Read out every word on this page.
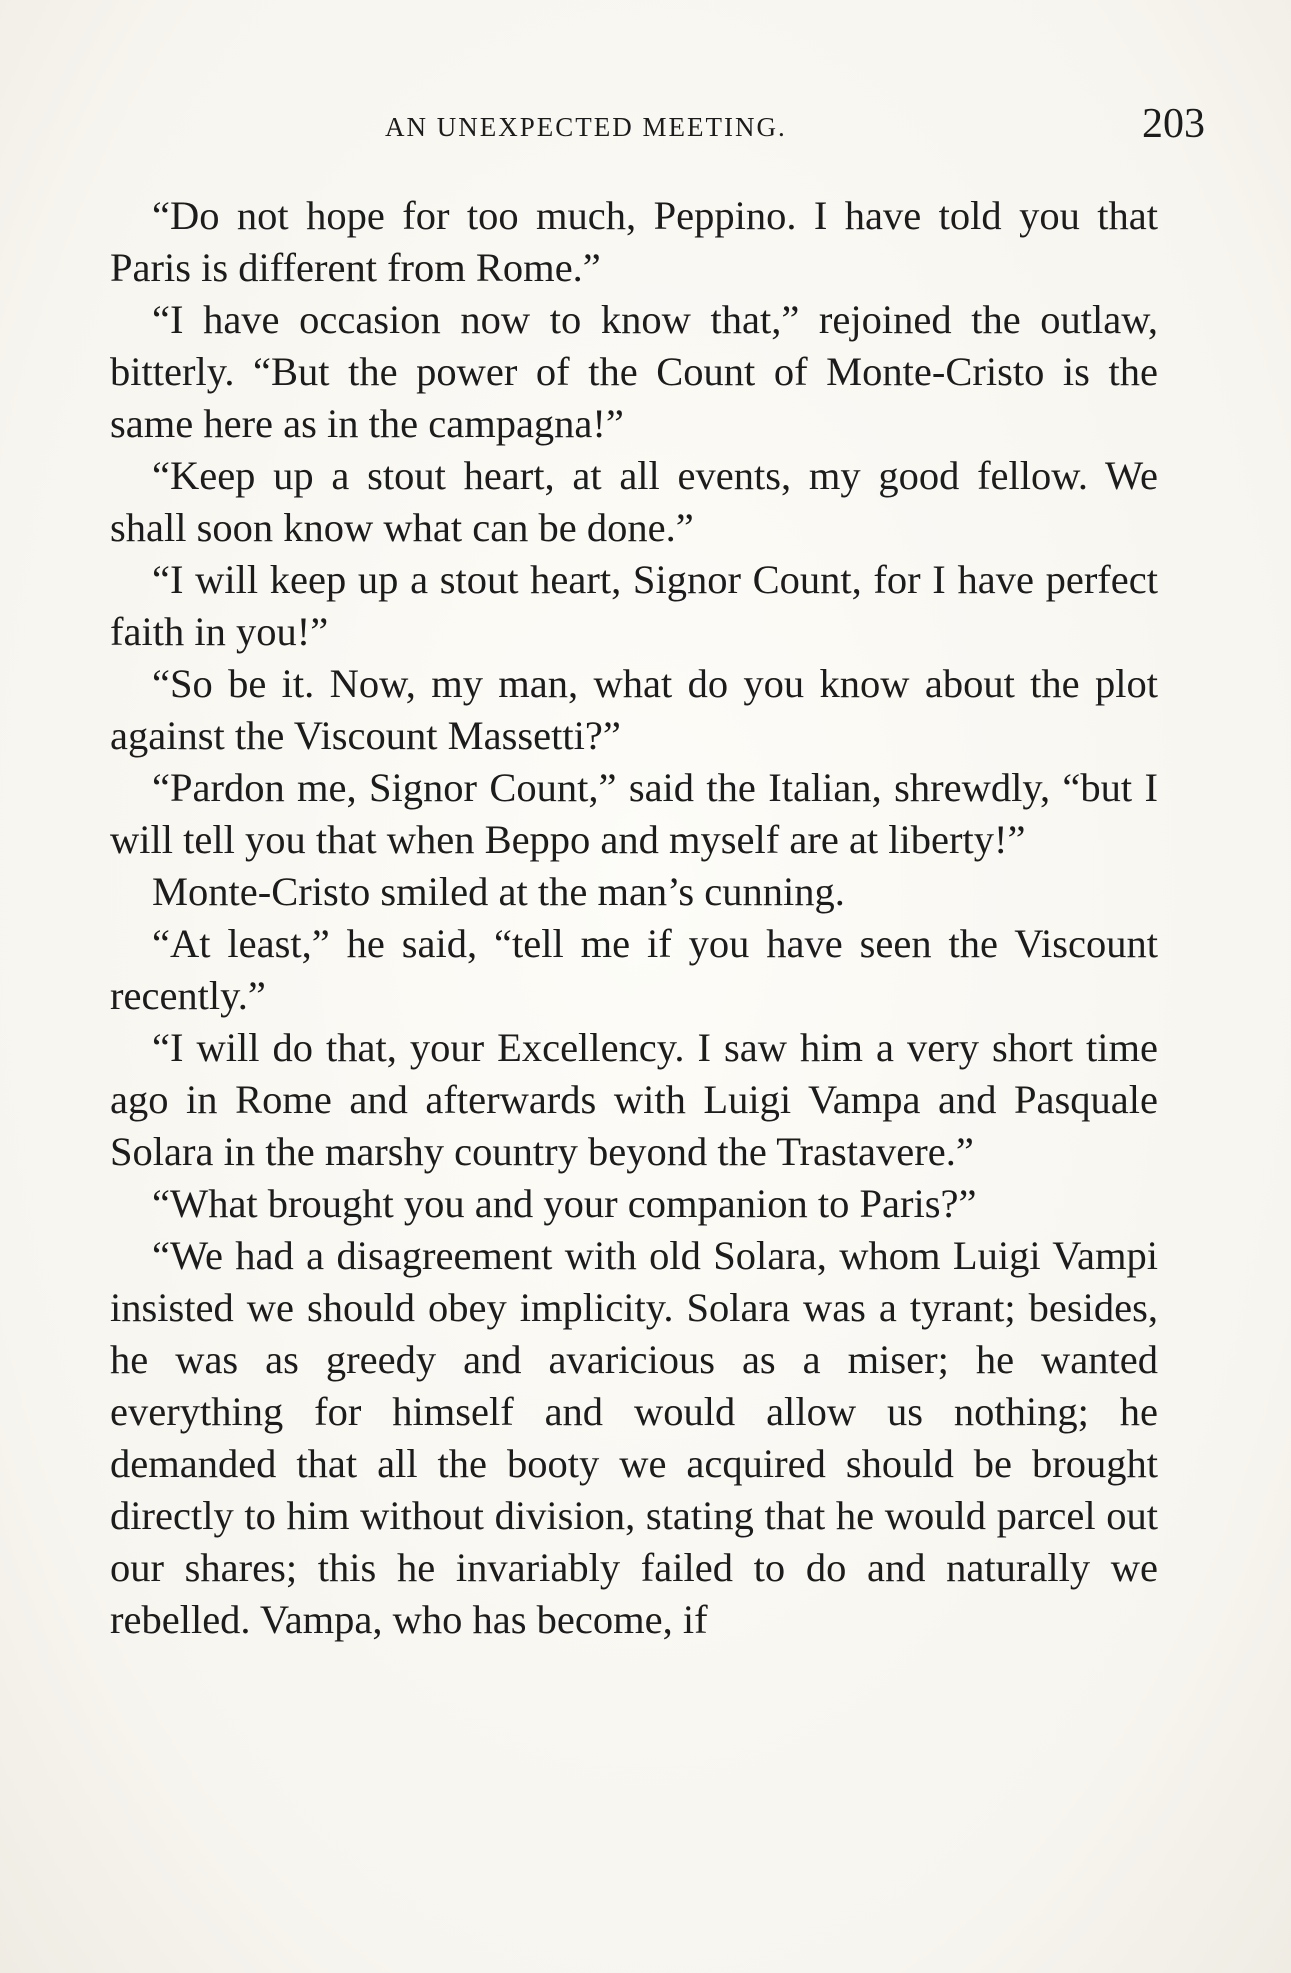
AN UNEXPECTED MEETING.	203

“Do not hope for too much, Peppino. I have told you that Paris is different from Rome.”

“I have occasion now to know that,” rejoined the outlaw, bitterly. “But the power of the Count of Monte-Cristo is the same here as in the campagna!”

“Keep up a stout heart, at all events, my good fellow. We shall soon know what can be done.”

“I will keep up a stout heart, Signor Count, for I have perfect faith in you!”

“So be it. Now, my man, what do you know about the plot against the Viscount Massetti?”

“Pardon me, Signor Count,” said the Italian, shrewdly, “but I will tell you that when Beppo and myself are at liberty!”

Monte-Cristo smiled at the man’s cunning.

“At least,” he said, “tell me if you have seen the Viscount recently.”

“I will do that, your Excellency. I saw him a very short time ago in Rome and afterwards with Luigi Vampa and Pasquale Solara in the marshy country beyond the Trastavere.”

“What brought you and your companion to Paris?”

“We had a disagreement with old Solara, whom Luigi Vampi insisted we should obey implicity. Solara was a tyrant; besides, he was as greedy and avaricious as a miser; he wanted everything for himself and would allow us nothing; he demanded that all the booty we acquired should be brought directly to him without division, stating that he would parcel out our shares; this he invariably failed to do and naturally we rebelled. Vampa, who has become, if
